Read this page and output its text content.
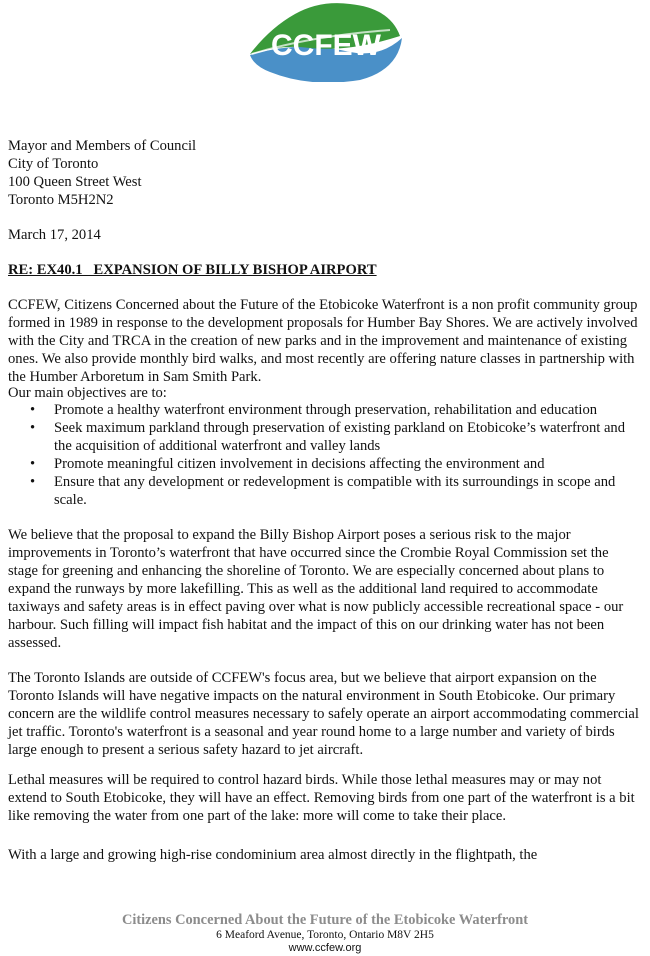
CCFEW
Mayor and Members of Council
City of Toronto
100 Queen Street West
Toronto M5H2N2
March 17, 2014
RE: EX40.1   EXPANSION OF BILLY BISHOP AIRPORT
CCFEW, Citizens Concerned about the Future of the Etobicoke Waterfront is a non profit community group formed in 1989 in response to the development proposals for Humber Bay Shores. We are actively involved with the City and TRCA in the creation of new parks and in the improvement and maintenance of existing ones. We also provide monthly bird walks, and most recently are offering nature classes in partnership with the Humber Arboretum in Sam Smith Park.
Our main objectives are to:
• Promote a healthy waterfront environment through preservation, rehabilitation and education
• Seek maximum parkland through preservation of existing parkland on Etobicoke’s waterfront and the acquisition of additional waterfront and valley lands
• Promote meaningful citizen involvement in decisions affecting the environment and
• Ensure that any development or redevelopment is compatible with its surroundings in scope and scale.
We believe that the proposal to expand the Billy Bishop Airport poses a serious risk to the major improvements in Toronto’s waterfront that have occurred since the Crombie Royal Commission set the stage for greening and enhancing the shoreline of Toronto. We are especially concerned about plans to expand the runways by more lakefilling. This as well as the additional land required to accommodate taxiways and safety areas is in effect paving over what is now publicly accessible recreational space - our harbour. Such filling will impact fish habitat and the impact of this on our drinking water has not been assessed.
The Toronto Islands are outside of CCFEW's focus area, but we believe that airport expansion on the Toronto Islands will have negative impacts on the natural environment in South Etobicoke. Our primary concern are the wildlife control measures necessary to safely operate an airport accommodating commercial jet traffic. Toronto's waterfront is a seasonal and year round home to a large number and variety of birds large enough to present a serious safety hazard to jet aircraft.
Lethal measures will be required to control hazard birds. While those lethal measures may or may not extend to South Etobicoke, they will have an effect. Removing birds from one part of the waterfront is a bit like removing the water from one part of the lake: more will come to take their place.
With a large and growing high-rise condominium area almost directly in the flightpath, the
Citizens Concerned About the Future of the Etobicoke Waterfront
6 Meaford Avenue, Toronto, Ontario M8V 2H5
www.ccfew.org
